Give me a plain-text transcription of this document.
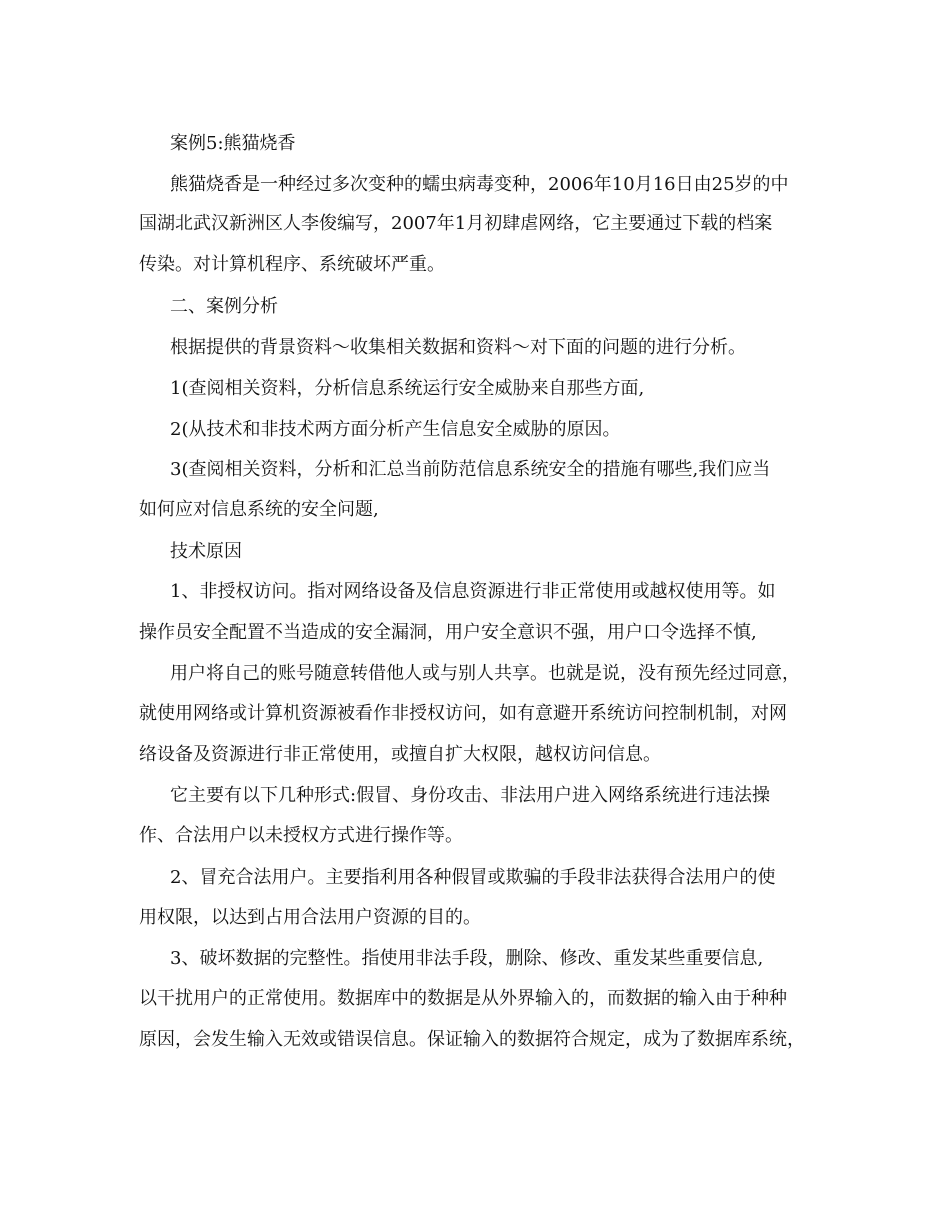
案例5:熊猫烧香
熊猫烧香是一种经过多次变种的蠕虫病毒变种，2006年10月16日由25岁的中
国湖北武汉新洲区人李俊编写，2007年1月初肆虐网络，它主要通过下载的档案
传染。对计算机程序、系统破坏严重。
二、案例分析
根据提供的背景资料～收集相关数据和资料～对下面的问题的进行分析。
1(查阅相关资料，分析信息系统运行安全威胁来自那些方面,
2(从技术和非技术两方面分析产生信息安全威胁的原因。
3(查阅相关资料，分析和汇总当前防范信息系统安全的措施有哪些,我们应当
如何应对信息系统的安全问题,
技术原因
1、非授权访问。指对网络设备及信息资源进行非正常使用或越权使用等。如
操作员安全配置不当造成的安全漏洞，用户安全意识不强，用户口令选择不慎,
用户将自己的账号随意转借他人或与别人共享。也就是说，没有预先经过同意，
就使用网络或计算机资源被看作非授权访问，如有意避开系统访问控制机制，对网
络设备及资源进行非正常使用，或擅自扩大权限，越权访问信息。
它主要有以下几种形式:假冒、身份攻击、非法用户进入网络系统进行违法操
作、合法用户以未授权方式进行操作等。
2、冒充合法用户。主要指利用各种假冒或欺骗的手段非法获得合法用户的使
用权限，以达到占用合法用户资源的目的。
3、破坏数据的完整性。指使用非法手段，删除、修改、重发某些重要信息,
以干扰用户的正常使用。数据库中的数据是从外界输入的，而数据的输入由于种种
原因，会发生输入无效或错误信息。保证输入的数据符合规定，成为了数据库系统，
